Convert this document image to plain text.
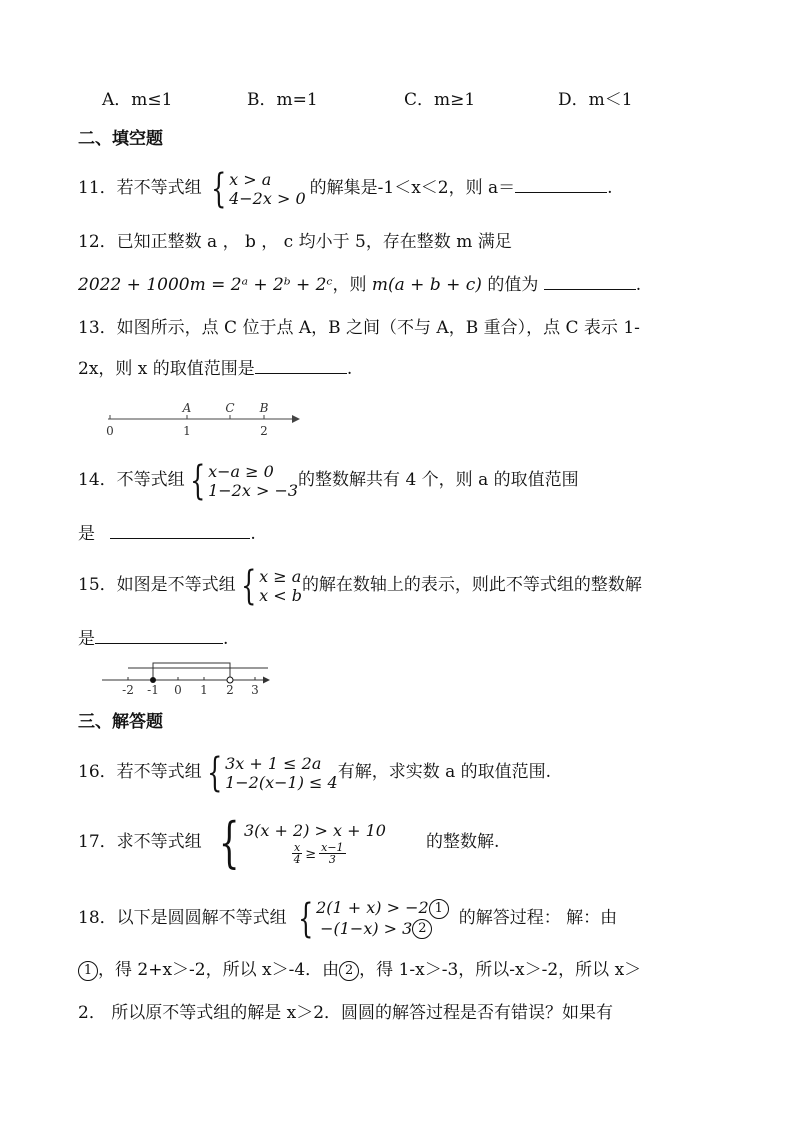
A．m≤1	B．m=1	C．m≥1	D．m＜1
二、填空题
11．若不等式组 { x > a
4−2x > 0 的解集是-1＜x＜2，则 a＝	.
12．已知正整数 a ， b ， c 均小于 5，存在整数 m 满足
2022 + 1000m = 2ᵃ + 2ᵇ + 2ᶜ，则 m(a + b + c) 的值为	.
13．如图所示，点 C 位于点 A，B 之间（不与 A，B 重合），点 C 表示 1-
2x，则 x 的取值范围是	.
0	1	2
A	C B
14．不等式组 { x−a ≥ 0
1−2x > −3 的整数解共有 4 个，则 a 的取值范围
是	.
15．如图是不等式组 { x ≥ a
x < b 的解在数轴上的表示，则此不等式组的整数解
是	.
-2 -1 0 1 2 3
三、解答题
16．若不等式组 { 3x + 1 ≤ 2a
1−2(x−1) ≤ 4 有解，求实数 a 的取值范围.
17．求不等式组 { 3(x + 2) > x + 10
$\frac{x}{4} \ge \frac{x-1}{3}$	的整数解.
18．以下是圆圆解不等式组 { 2(1 + x) > −2 1
−(1−x) > 3 2
的解答过程： 解：由
1 ，得 2+x＞-2，所以 x＞-4．由 2 ，得 1-x＞-3，所以-x＞-2，所以 x＞
2． 所以原不等式组的解是 x＞2．圆圆的解答过程是否有错误？如果有
